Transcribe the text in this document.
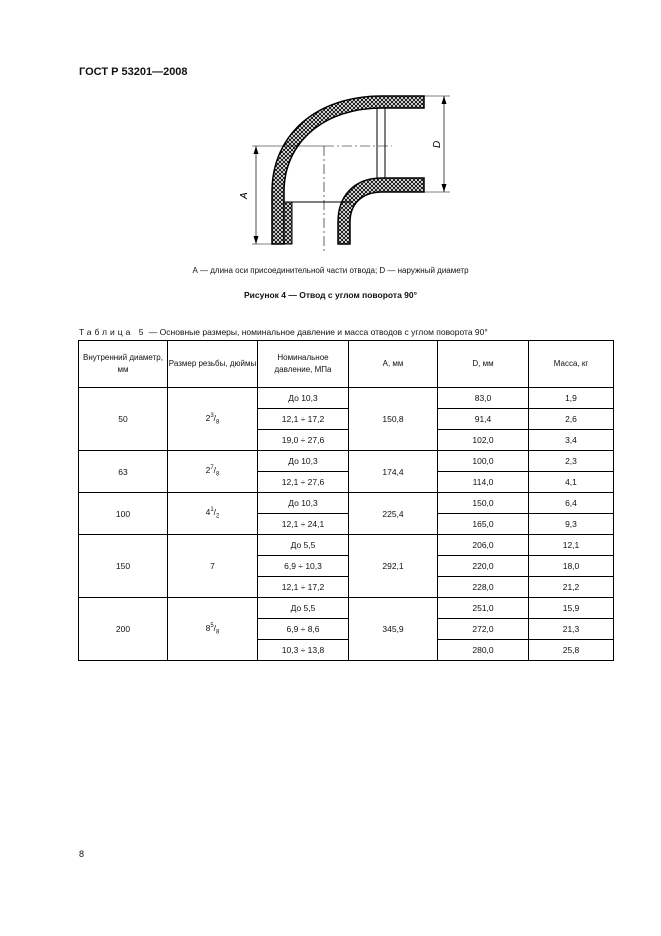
ГОСТ Р 53201—2008
A
D
А — длина оси присоединительной части отвода; D — наружный диаметр
Рисунок 4 — Отвод с углом поворота 90°
Таблица 5 — Основные размеры, номинальное давление и масса отводов с углом поворота 90°
Внутренний диаметр, мм	Размер резьбы, дюймы	Номинальное давление, МПа	A, мм	D, мм	Масса, кг
50	$2^3/_8$	До 10,3	150,8	83,0	1,9
		12,1 ÷ 17,2		91,4	2,6
		19,0 ÷ 27,6		102,0	3,4
63	$2^7/_8$	До 10,3	174,4	100,0	2,3
		12,1 ÷ 27,6		114,0	4,1
100	$4^1/_2$	До 10,3	225,4	150,0	6,4
		12,1 ÷ 24,1		165,0	9,3
150	7	До 5,5	292,1	206,0	12,1
		6,9 ÷ 10,3		220,0	18,0
		12,1 ÷ 17,2		228,0	21,2
200	$8^5/_8$	До 5,5	345,9	251,0	15,9
		6,9 ÷ 8,6		272,0	21,3
		10,3 ÷ 13,8		280,0	25,8
8
